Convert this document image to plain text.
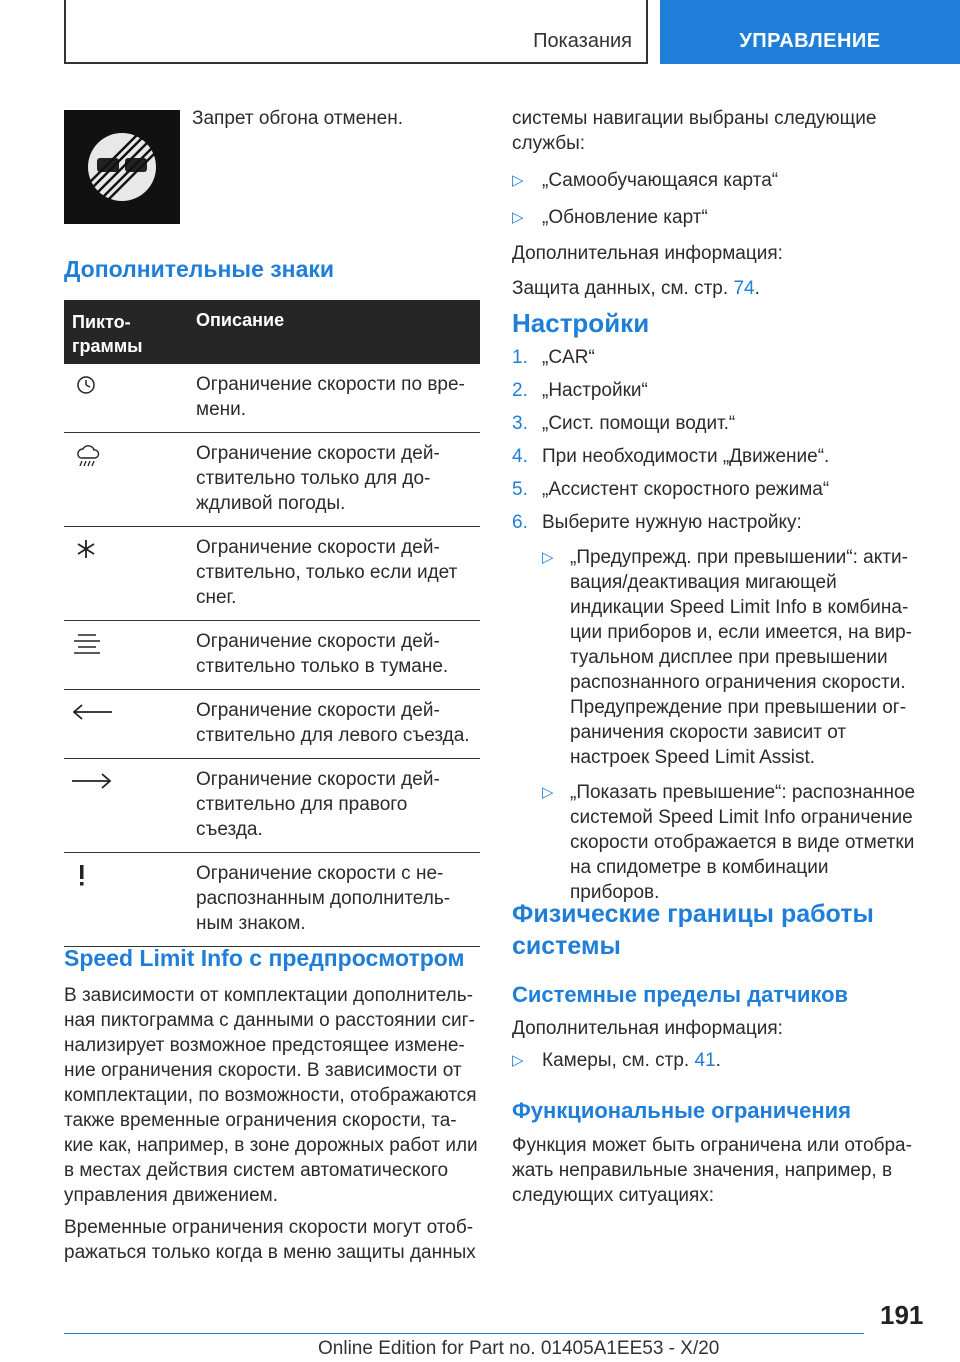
Показания	УПРАВЛЕНИЕ

Запрет обгона отменен.

Дополнительные знаки
Пикто-
граммы
Описание
Ограничение скорости по вре-
мени.
Ограничение скорости дей-
ствительно только для до-
ждливой погоды.
Ограничение скорости дей-
ствительно, только если идет
снег.
Ограничение скорости дей-
ствительно только в тумане.
Ограничение скорости дей-
ствительно для левого съезда.
Ограничение скорости дей-
ствительно для правого
съезда.
Ограничение скорости с не-
распознанным дополнитель-
ным знаком.
Speed Limit Info с предпросмотром

В зависимости от комплектации дополнитель-
ная пиктограмма с данными о расстоянии сиг-
нализирует возможное предстоящее измене-
ние ограничения скорости. В зависимости от
комплектации, по возможности, отображаются
также временные ограничения скорости, та-
кие как, например, в зоне дорожных работ или
в местах действия систем автоматического
управления движением.

Временные ограничения скорости могут отоб-
ражаться только когда в меню защиты данных

системы навигации выбраны следующие
службы:

▷ „Самообучающаяся карта“
▷ „Обновление карт“

Дополнительная информация:

Защита данных, см. стр. 74.

Настройки
1. „CAR“
2. „Настройки“
3. „Сист. помощи водит.“
4. При необходимости „Движение“.
5. „Ассистент скоростного режима“
6. Выберите нужную настройку:
▷ „Предупрежд. при превышении“: акти-
вация/деактивация мигающей
индикации Speed Limit Info в комбина-
ции приборов и, если имеется, на вир-
туальном дисплее при превышении
распознанного ограничения скорости.
Предупреждение при превышении ог-
раничения скорости зависит от
настроек Speed Limit Assist.
▷ „Показать превышение“: распознанное
системой Speed Limit Info ограничение
скорости отображается в виде отметки
на спидометре в комбинации приборов.
Физические границы работы
системы
Системные пределы датчиков

Дополнительная информация:

▷ Камеры, см. стр. 41.
Функциональные ограничения

Функция может быть ограничена или отобра-
жать неправильные значения, например, в
следующих ситуациях:

191
Online Edition for Part no. 01405A1EE53 - X/20
